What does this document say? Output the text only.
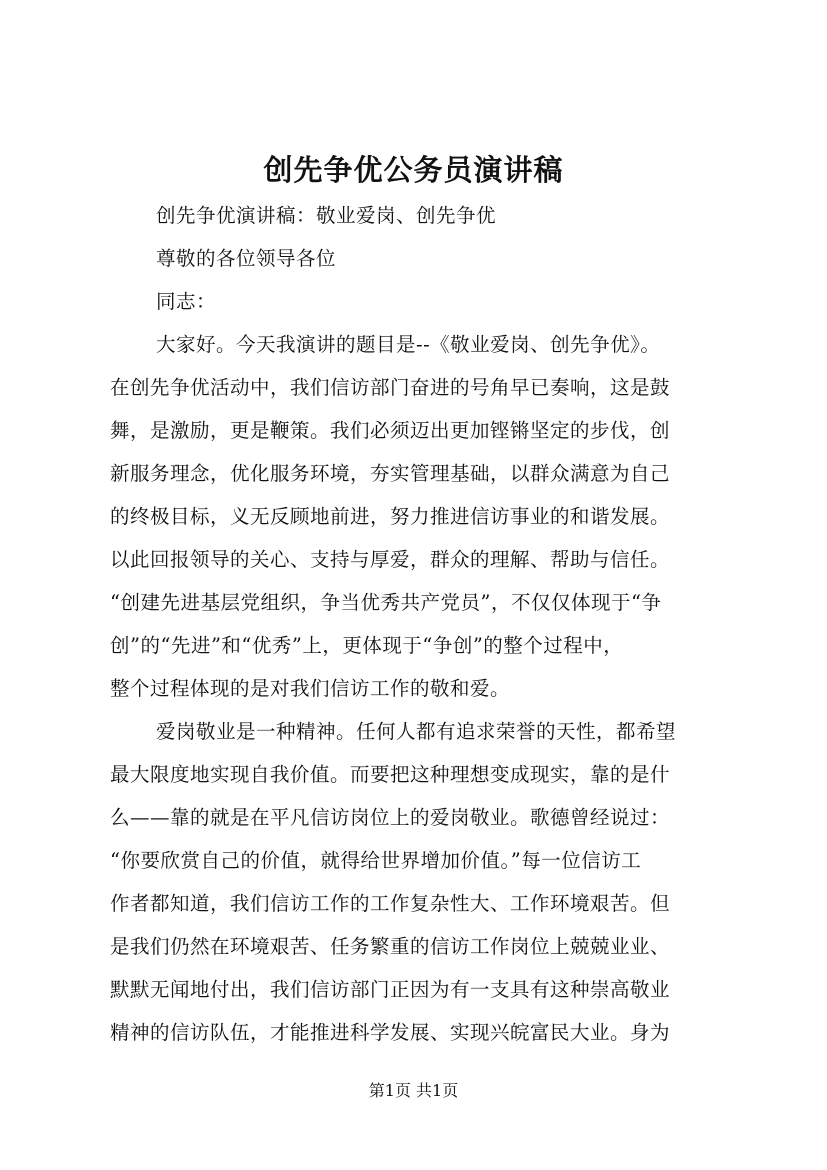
创先争优公务员演讲稿
创先争优演讲稿：敬业爱岗、创先争优
尊敬的各位领导各位
同志：
大家好。今天我演讲的题目是--《敬业爱岗、创先争优》。
在创先争优活动中，我们信访部门奋进的号角早已奏响，这是鼓
舞，是激励，更是鞭策。我们必须迈出更加铿锵坚定的步伐，创
新服务理念，优化服务环境，夯实管理基础，以群众满意为自己
的终极目标，义无反顾地前进，努力推进信访事业的和谐发展。
以此回报领导的关心、支持与厚爱，群众的理解、帮助与信任。
“创建先进基层党组织，争当优秀共产党员”，不仅仅体现于“争
创”的“先进”和“优秀”上，更体现于“争创”的整个过程中，
整个过程体现的是对我们信访工作的敬和爱。
爱岗敬业是一种精神。任何人都有追求荣誉的天性，都希望
最大限度地实现自我价值。而要把这种理想变成现实，靠的是什
么——靠的就是在平凡信访岗位上的爱岗敬业。歌德曾经说过：
“你要欣赏自己的价值，就得给世界增加价值。”每一位信访工
作者都知道，我们信访工作的工作复杂性大、工作环境艰苦。但
是我们仍然在环境艰苦、任务繁重的信访工作岗位上兢兢业业、
默默无闻地付出，我们信访部门正因为有一支具有这种崇高敬业
精神的信访队伍，才能推进科学发展、实现兴皖富民大业。身为

第1页 共1页
